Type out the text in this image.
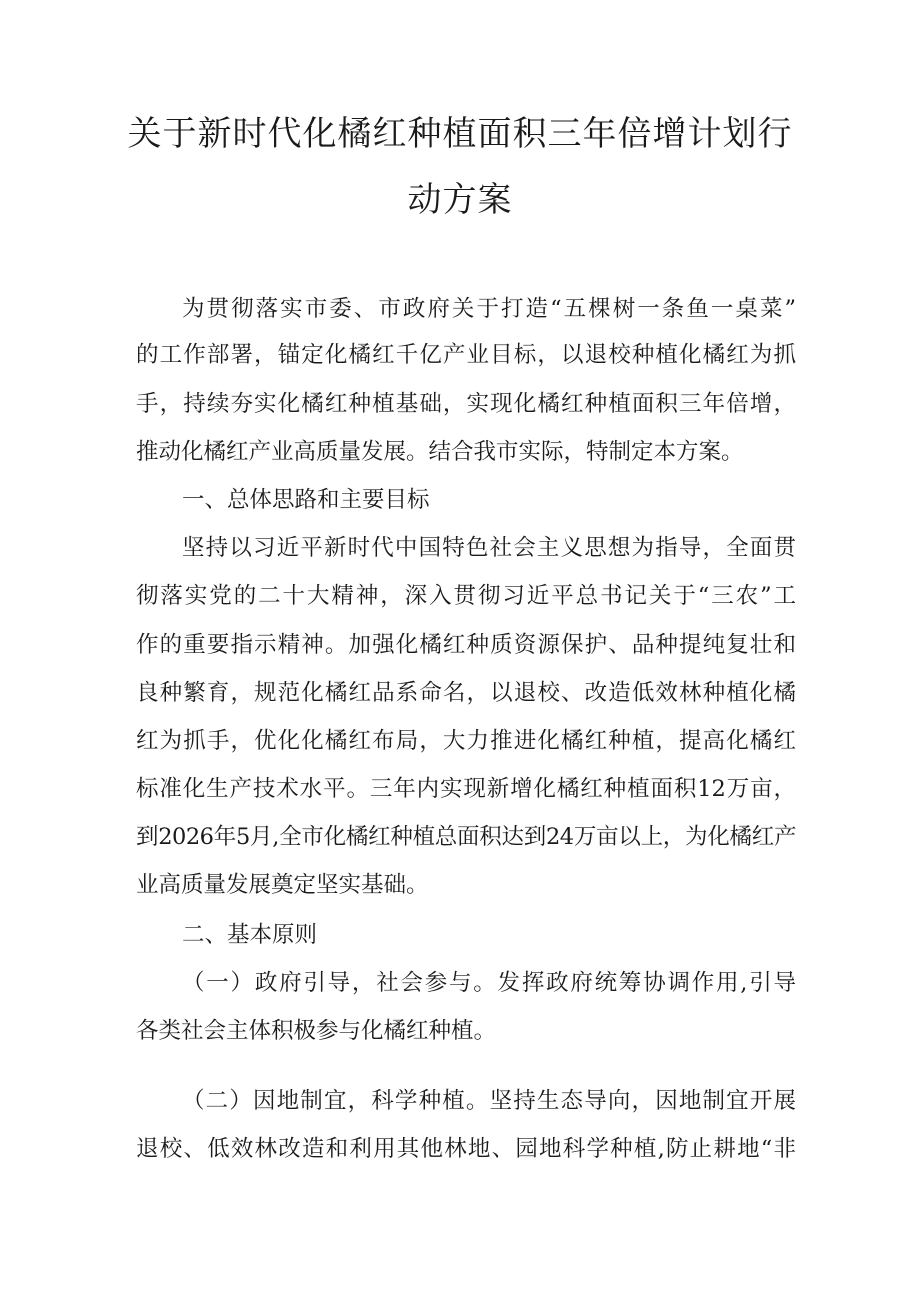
关于新时代化橘红种植面积三年倍增计划行
动方案

为贯彻落实市委、市政府关于打造“五棵树一条鱼一桌菜”

的工作部署，锚定化橘红千亿产业目标，以退校种植化橘红为抓

手，持续夯实化橘红种植基础，实现化橘红种植面积三年倍增，

推动化橘红产业高质量发展。结合我市实际，特制定本方案。

一、总体思路和主要目标

坚持以习近平新时代中国特色社会主义思想为指导，全面贯

彻落实党的二十大精神，深入贯彻习近平总书记关于“三农”工

作的重要指示精神。加强化橘红种质资源保护、品种提纯复壮和

良种繁育，规范化橘红品系命名，以退校、改造低效林种植化橘

红为抓手，优化化橘红布局，大力推进化橘红种植，提高化橘红

标准化生产技术水平。三年内实现新增化橘红种植面积12万亩，

到2026年5月,全市化橘红种植总面积达到24万亩以上，为化橘红产

业高质量发展奠定坚实基础。

二、基本原则

（一）政府引导，社会参与。发挥政府统筹协调作用,引导

各类社会主体积极参与化橘红种植。

（二）因地制宜，科学种植。坚持生态导向，因地制宜开展

退校、低效林改造和利用其他林地、园地科学种植,防止耕地“非
